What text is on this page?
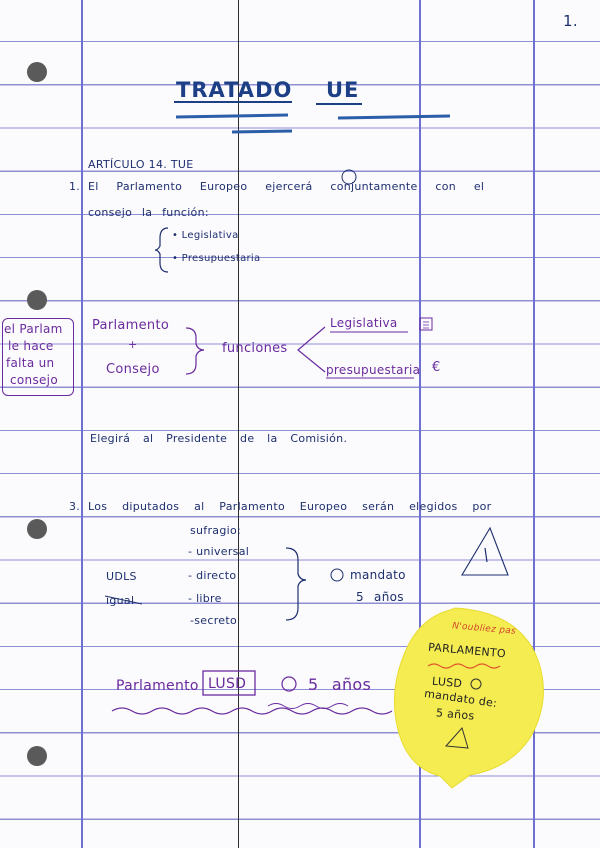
1.
TRATADO UE
ARTÍCULO 14. TUE
1. El Parlamento Europeo ejercerá conjuntamente con el
consejo la función:
• Legislativa
• Presupuestaria
Parlamento
+
Consejo
funciones
Legislativa
presupuestaria €
el Parlam
le hace
falta un
consejo
Elegirá al Presidente de la Comisión.
3. Los diputados al Parlamento Europeo serán elegidos por
sufragio:
- universal
- directo
- libre
-secreto
UDLS
igual
mandato
5 años
Parlamento LUSD	5 años
N'oubliez pas
PARLAMENTO
LUSD
mandato de:
5 años
